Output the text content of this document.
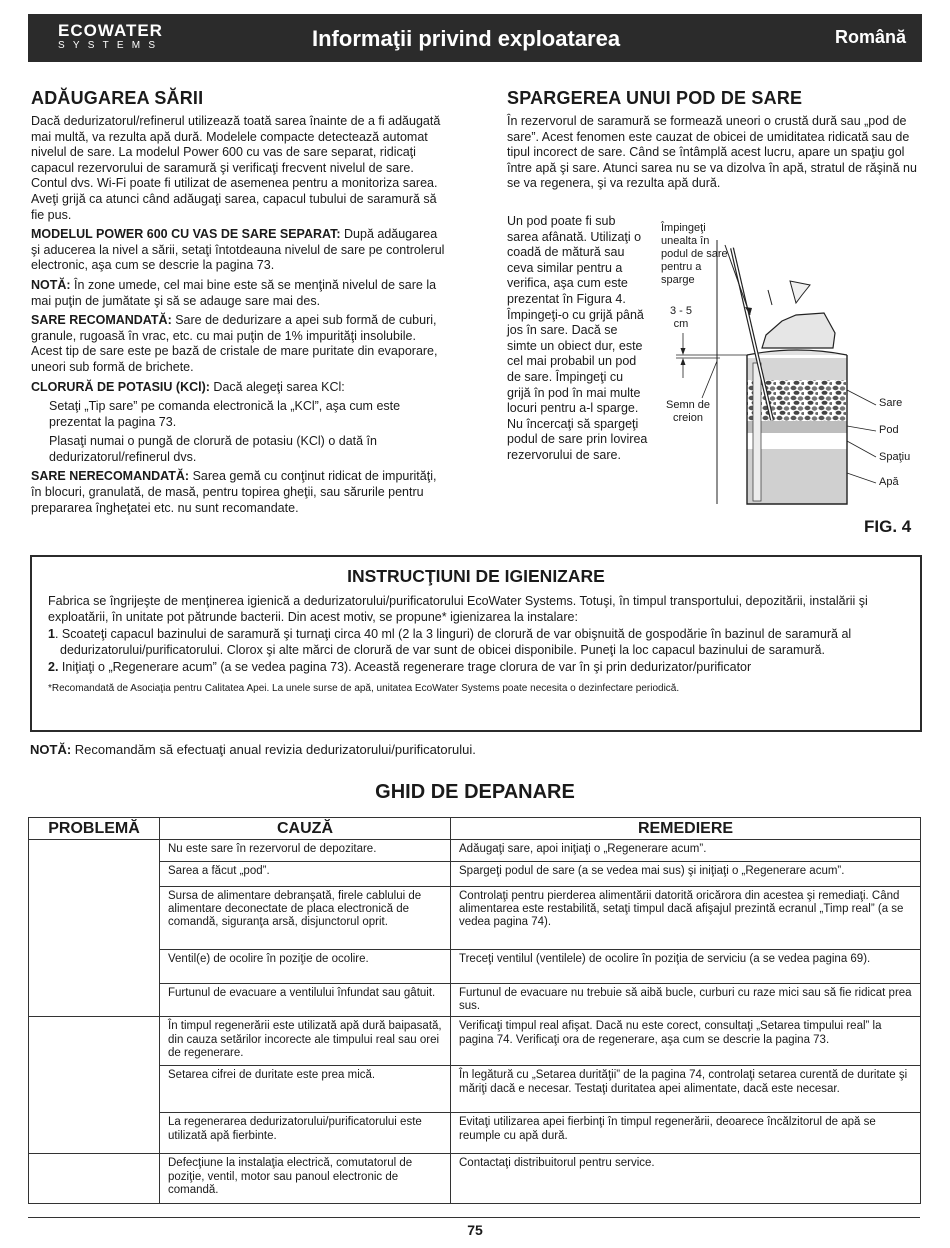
ECOWATER
SYSTEMS	Informaţii privind exploatarea	Română
ADĂUGAREA SĂRII

Dacă dedurizatorul/refinerul utilizează toată sarea înainte de a fi adăugată mai multă, va rezulta apă dură. Modelele compacte detectează automat nivelul de sare. La modelul Power 600 cu vas de sare separat, ridicaţi capacul rezervorului de saramură şi verificaţi frecvent nivelul de sare. Contul dvs. Wi-Fi poate fi utilizat de asemenea pentru a monitoriza sarea. Aveţi grijă ca atunci când adăugaţi sarea, capacul tubului de saramură să fie pus.

MODELUL POWER 600 CU VAS DE SARE SEPARAT: După adăugarea şi aducerea la nivel a sării, setaţi întotdeauna nivelul de sare pe controlerul electronic, aşa cum se descrie la pagina 73.

NOTĂ: În zone umede, cel mai bine este să se menţină nivelul de sare la mai puţin de jumătate şi să se adauge sare mai des.

SARE RECOMANDATĂ: Sare de dedurizare a apei sub formă de cuburi, granule, rugoasă în vrac, etc. cu mai puţin de 1% impurităţi insolubile. Acest tip de sare este pe bază de cristale de mare puritate din evaporare, uneori sub formă de brichete.

CLORURĂ DE POTASIU (KCl): Dacă alegeţi sarea KCl:

Setaţi „Tip sare” pe comanda electronică la „KCl”, aşa cum este prezentat la pagina 73.

Plasaţi numai o pungă de clorură de potasiu (KCl) o dată în dedurizatorul/refinerul dvs.

SARE NERECOMANDATĂ: Sarea gemă cu conţinut ridicat de impurităţi, în blocuri, granulată, de masă, pentru topirea gheţii, sau sărurile pentru prepararea îngheţatei etc. nu sunt recomandate.

SPARGEREA UNUI POD DE SARE
În rezervorul de saramură se formează uneori o crustă dură sau „pod de sare”. Acest fenomen este cauzat de obicei de umiditatea ridicată sau de tipul incorect de sare. Când se întâmplă acest lucru, apare un spaţiu gol între apă şi sare. Atunci sarea nu se va dizolva în apă, stratul de răşină nu se va regenera, şi va rezulta apă dură.
Un pod poate fi sub sarea afânată. Utilizaţi o coadă de mătură sau ceva similar pentru a verifica, aşa cum este prezentat în Figura 4. Împingeţi-o cu grijă până jos în sare. Dacă se simte un obiect dur, este cel mai probabil un pod de sare. Împingeţi cu grijă în pod în mai multe locuri pentru a-l sparge. Nu încercaţi să spargeţi podul de sare prin lovirea rezervorului de sare.
Împingeţi unealta în podul de sare pentru a sparge
3 - 5 cm
Semn de creion
Sare
Pod
Spaţiu
Apă
FIG. 4
INSTRUCŢIUNI DE IGIENIZARE

Fabrica se îngrijeşte de menţinerea igienică a dedurizatorului/purificatorului EcoWater Systems. Totuşi, în timpul transportului, depozitării, instalării şi exploatării, în unitate pot pătrunde bacterii. Din acest motiv, se propune* igienizarea la instalare:

1. Scoateţi capacul bazinului de saramură şi turnaţi circa 40 ml (2 la 3 linguri) de clorură de var obişnuită de gospodărie în bazinul de saramură al dedurizatorului/purificatorului. Clorox şi alte mărci de clorură de var sunt de obicei disponibile. Puneţi la loc capacul bazinului de saramură.

2. Iniţiaţi o „Regenerare acum” (a se vedea pagina 73). Această regenerare trage clorura de var în şi prin dedurizator/purificator

*Recomandată de Asociaţia pentru Calitatea Apei. La unele surse de apă, unitatea EcoWater Systems poate necesita o dezinfectare periodică.

NOTĂ: Recomandăm să efectuaţi anual revizia dedurizatorului/purificatorului.
GHID DE DEPANARE
PROBLEMĂ	CAUZĂ	REMEDIERE
	Nu este sare în rezervorul de depozitare.	Adăugaţi sare, apoi iniţiaţi o „Regenerare acum”.
	Sarea a făcut „pod”.	Spargeţi podul de sare (a se vedea mai sus) şi iniţiaţi o „Regenerare acum”.
	Sursa de alimentare debranşată, firele cablului de alimentare deconectate de placa electronică de comandă, siguranţa arsă, disjunctorul oprit.	Controlaţi pentru pierderea alimentării datorită oricărora din acestea şi remediaţi. Când alimentarea este restabilită, setaţi timpul dacă afişajul prezintă ecranul „Timp real” (a se vedea pagina 74).
	Ventil(e) de ocolire în poziţie de ocolire.	Treceţi ventilul (ventilele) de ocolire în poziţia de serviciu (a se vedea pagina 69).
	Furtunul de evacuare a ventilului înfundat sau gâtuit.	Furtunul de evacuare nu trebuie să aibă bucle, curburi cu raze mici sau să fie ridicat prea sus.
	În timpul regenerării este utilizată apă dură baipasată, din cauza setărilor incorecte ale timpului real sau orei de regenerare.	Verificaţi timpul real afişat. Dacă nu este corect, consultaţi „Setarea timpului real” la pagina 74. Verificaţi ora de regenerare, aşa cum se descrie la pagina 73.
	Setarea cifrei de duritate este prea mică.	În legătură cu „Setarea durităţii” de la pagina 74, controlaţi setarea curentă de duritate şi măriţi dacă e necesar. Testaţi duritatea apei alimentate, dacă este necesar.
	La regenerarea dedurizatorului/purificatorului este utilizată apă fierbinte.	Evitaţi utilizarea apei fierbinţi în timpul regenerării, deoarece încălzitorul de apă se reumple cu apă dură.
	Defecţiune la instalaţia electrică, comutatorul de poziţie, ventil, motor sau panoul electronic de comandă.	Contactaţi distribuitorul pentru service.
75
